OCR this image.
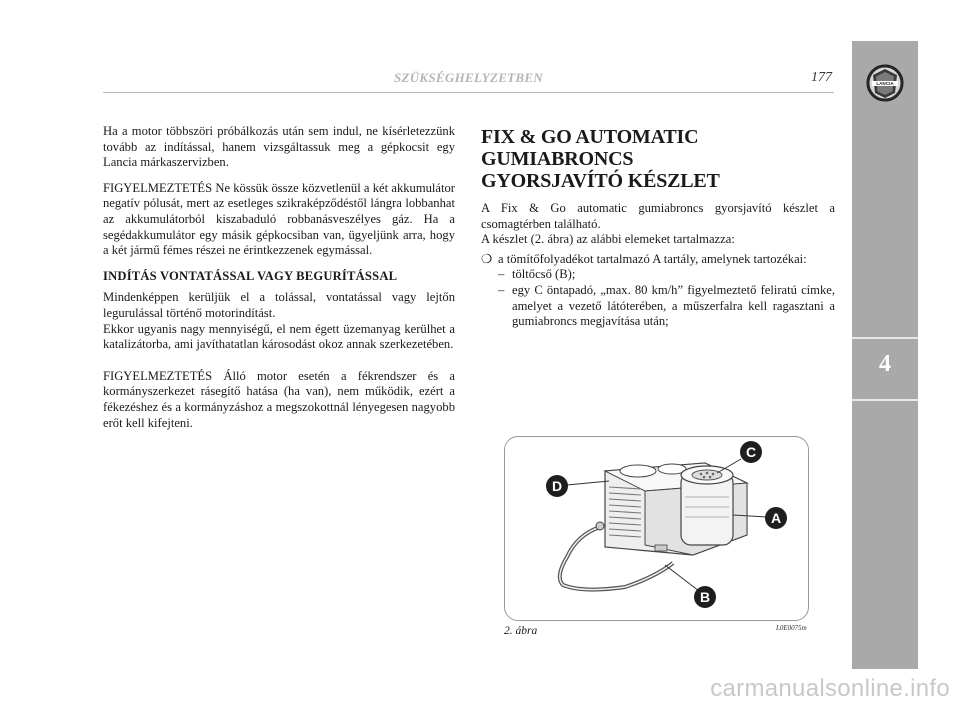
SZÜKSÉGHELYZETBEN	177	LANCIA
4

Ha a motor többszöri próbálkozás után sem indul, ne kísérletezzünk tovább az indítással, hanem vizsgáltassuk meg a gépkocsit egy Lancia márkaszervizben.

FIGYELMEZTETÉS Ne kössük össze közvetlenül a két akkumulátor negatív pólusát, mert az esetleges szikraképződéstől lángra lobbanhat az akkumulátorból kiszabaduló robbanásveszélyes gáz. Ha a segédakkumulátor egy másik gépkocsiban van, ügyeljünk arra, hogy a két jármű fémes részei ne érintkezzenek egymással.

INDÍTÁS VONTATÁSSAL VAGY BEGURÍTÁSSAL

Mindenképpen kerüljük el a tolással, vontatással vagy lejtőn legurulással történő motorindítást.

Ekkor ugyanis nagy mennyiségű, el nem égett üzemanyag kerülhet a katalizátorba, ami javíthatatlan károsodást okoz annak szerkezetében.

FIGYELMEZTETÉS Álló motor esetén a fékrendszer és a kormányszerkezet rásegítő hatása (ha van), nem működik, ezért a fékezéshez és a kormányzáshoz a megszokottnál lényegesen nagyobb erőt kell kifejteni.

FIX & GO AUTOMATIC
GUMIABRONCS
GYORSJAVÍTÓ KÉSZLET

A Fix & Go automatic gumiabroncs gyorsjavító készlet a csomagtérben található.

A készlet (2. ábra) az alábbi elemeket tartalmazza:

❍ a tömítőfolyadékot tartalmazó A tartály, amelynek tartozékai:
– töltőcső (B);
– egy C öntapadó, „max. 80 km/h” figyelmeztető feliratú címke, amelyet a vezető látóterében, a műszerfalra kell ragasztani a gumiabroncs megjavítása után;
C
D
A
B
2. ábra	L0E0075m
carmanualsonline.info
